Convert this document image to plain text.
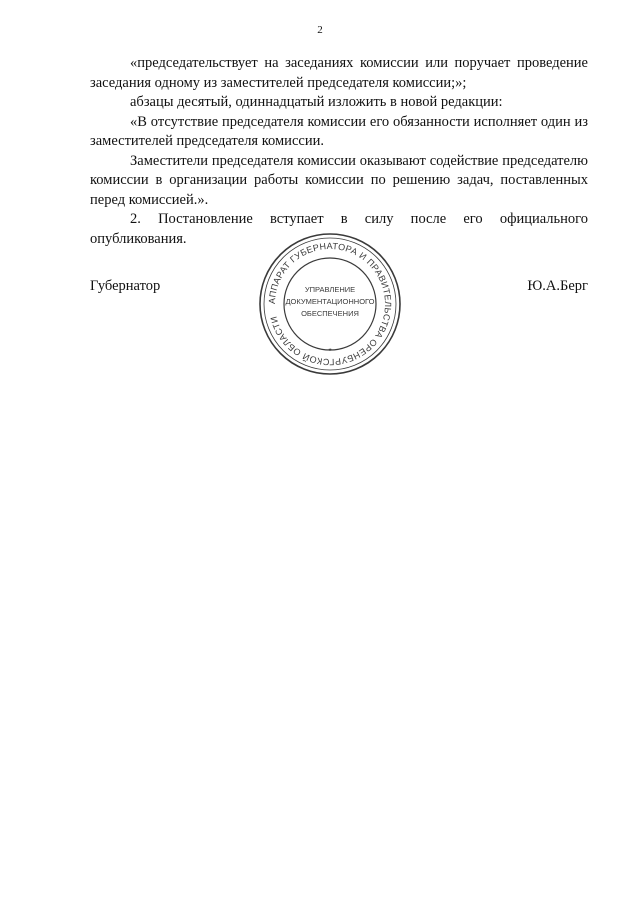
2

«председательствует на заседаниях комиссии или поручает проведение заседания одному из заместителей председателя комиссии;»;

абзацы десятый, одиннадцатый изложить в новой редакции:

«В отсутствие председателя комиссии его обязанности исполняет один из заместителей председателя комиссии.

Заместители председателя комиссии оказывают содействие председателю комиссии в организации работы комиссии по решению задач, поставленных перед комиссией.».

2. Постановление вступает в силу после его официального опубликования.

Губернатор	Ю.А.Берг
АППАРАТ ГУБЕРНАТОРА И ПРАВИТЕЛЬСТВА ОРЕНБУРГСКОЙ ОБЛАСТИ
*
УПРАВЛЕНИЕ
ДОКУМЕНТАЦИОННОГО
ОБЕСПЕЧЕНИЯ
